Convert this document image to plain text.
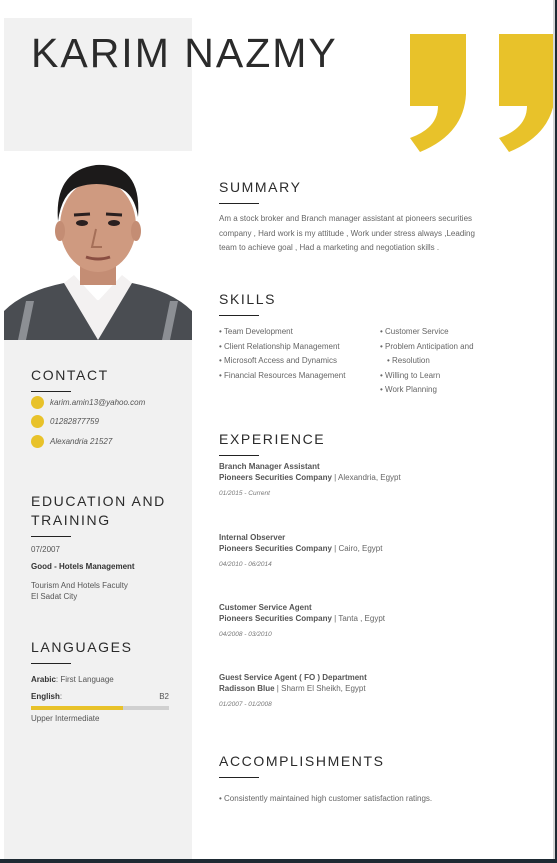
KARIM NAZMY
CONTACT
karim.amin13@yahoo.com
01282877759
Alexandria 21527
EDUCATION AND TRAINING
07/2007
Good - Hotels Management
Tourism And Hotels Faculty
El Sadat City
LANGUAGES
Arabic: First Language
English:	B2
Upper Intermediate
SUMMARY
Am a stock broker and Branch manager assistant at pioneers securities
company , Hard work is my attitude , Work under stress always ,Leading
team to achieve goal , Had a marketing and negotiation skills .
SKILLS
• Team Development
• Client Relationship Management
• Microsoft Access and Dynamics
• Financial Resources Management
• Customer Service
• Problem Anticipation and
• Resolution
• Willing to Learn
• Work Planning
EXPERIENCE
Branch Manager Assistant
Pioneers Securities Company | Alexandria, Egypt
01/2015 - Current
Internal Observer
Pioneers Securities Company | Cairo, Egypt
04/2010 - 06/2014
Customer Service Agent
Pioneers Securities Company | Tanta , Egypt
04/2008 - 03/2010
Guest Service Agent ( FO ) Department
Radisson Blue | Sharm El Sheikh, Egypt
01/2007 - 01/2008
ACCOMPLISHMENTS
• Consistently maintained high customer satisfaction ratings.
